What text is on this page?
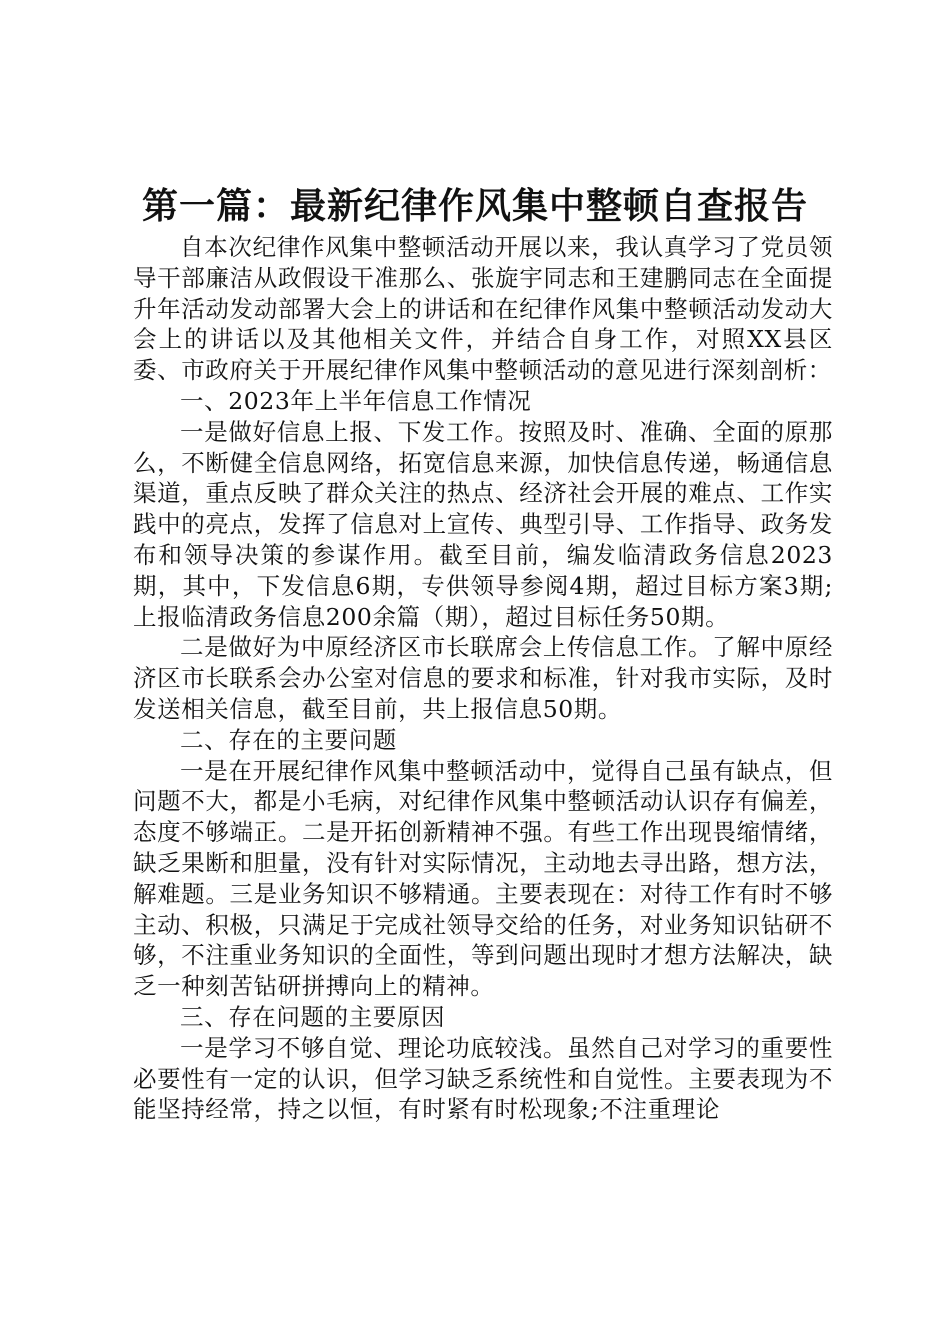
第一篇：最新纪律作风集中整顿自查报告

自本次纪律作风集中整顿活动开展以来，我认真学习了党员领导干部廉洁从政假设干准那么、张旋宇同志和王建鹏同志在全面提升年活动发动部署大会上的讲话和在纪律作风集中整顿活动发动大会上的讲话以及其他相关文件，并结合自身工作，对照XX县区委、市政府关于开展纪律作风集中整顿活动的意见进行深刻剖析：

一、2023年上半年信息工作情况

一是做好信息上报、下发工作。按照及时、准确、全面的原那么，不断健全信息网络，拓宽信息来源，加快信息传递，畅通信息渠道，重点反映了群众关注的热点、经济社会开展的难点、工作实践中的亮点，发挥了信息对上宣传、典型引导、工作指导、政务发布和领导决策的参谋作用。截至目前，编发临清政务信息2023期，其中，下发信息6期，专供领导参阅4期，超过目标方案3期;上报临清政务信息200余篇（期），超过目标任务50期。

二是做好为中原经济区市长联席会上传信息工作。了解中原经济区市长联系会办公室对信息的要求和标准，针对我市实际，及时发送相关信息，截至目前，共上报信息50期。

二、存在的主要问题

一是在开展纪律作风集中整顿活动中，觉得自己虽有缺点，但问题不大，都是小毛病，对纪律作风集中整顿活动认识存有偏差，态度不够端正。二是开拓创新精神不强。有些工作出现畏缩情绪，缺乏果断和胆量，没有针对实际情况，主动地去寻出路，想方法，解难题。三是业务知识不够精通。主要表现在：对待工作有时不够主动、积极，只满足于完成社领导交给的任务，对业务知识钻研不够，不注重业务知识的全面性，等到问题出现时才想方法解决，缺乏一种刻苦钻研拼搏向上的精神。

三、存在问题的主要原因

一是学习不够自觉、理论功底较浅。虽然自己对学习的重要性必要性有一定的认识，但学习缺乏系统性和自觉性。主要表现为不能坚持经常，持之以恒，有时紧有时松现象;不注重理论
